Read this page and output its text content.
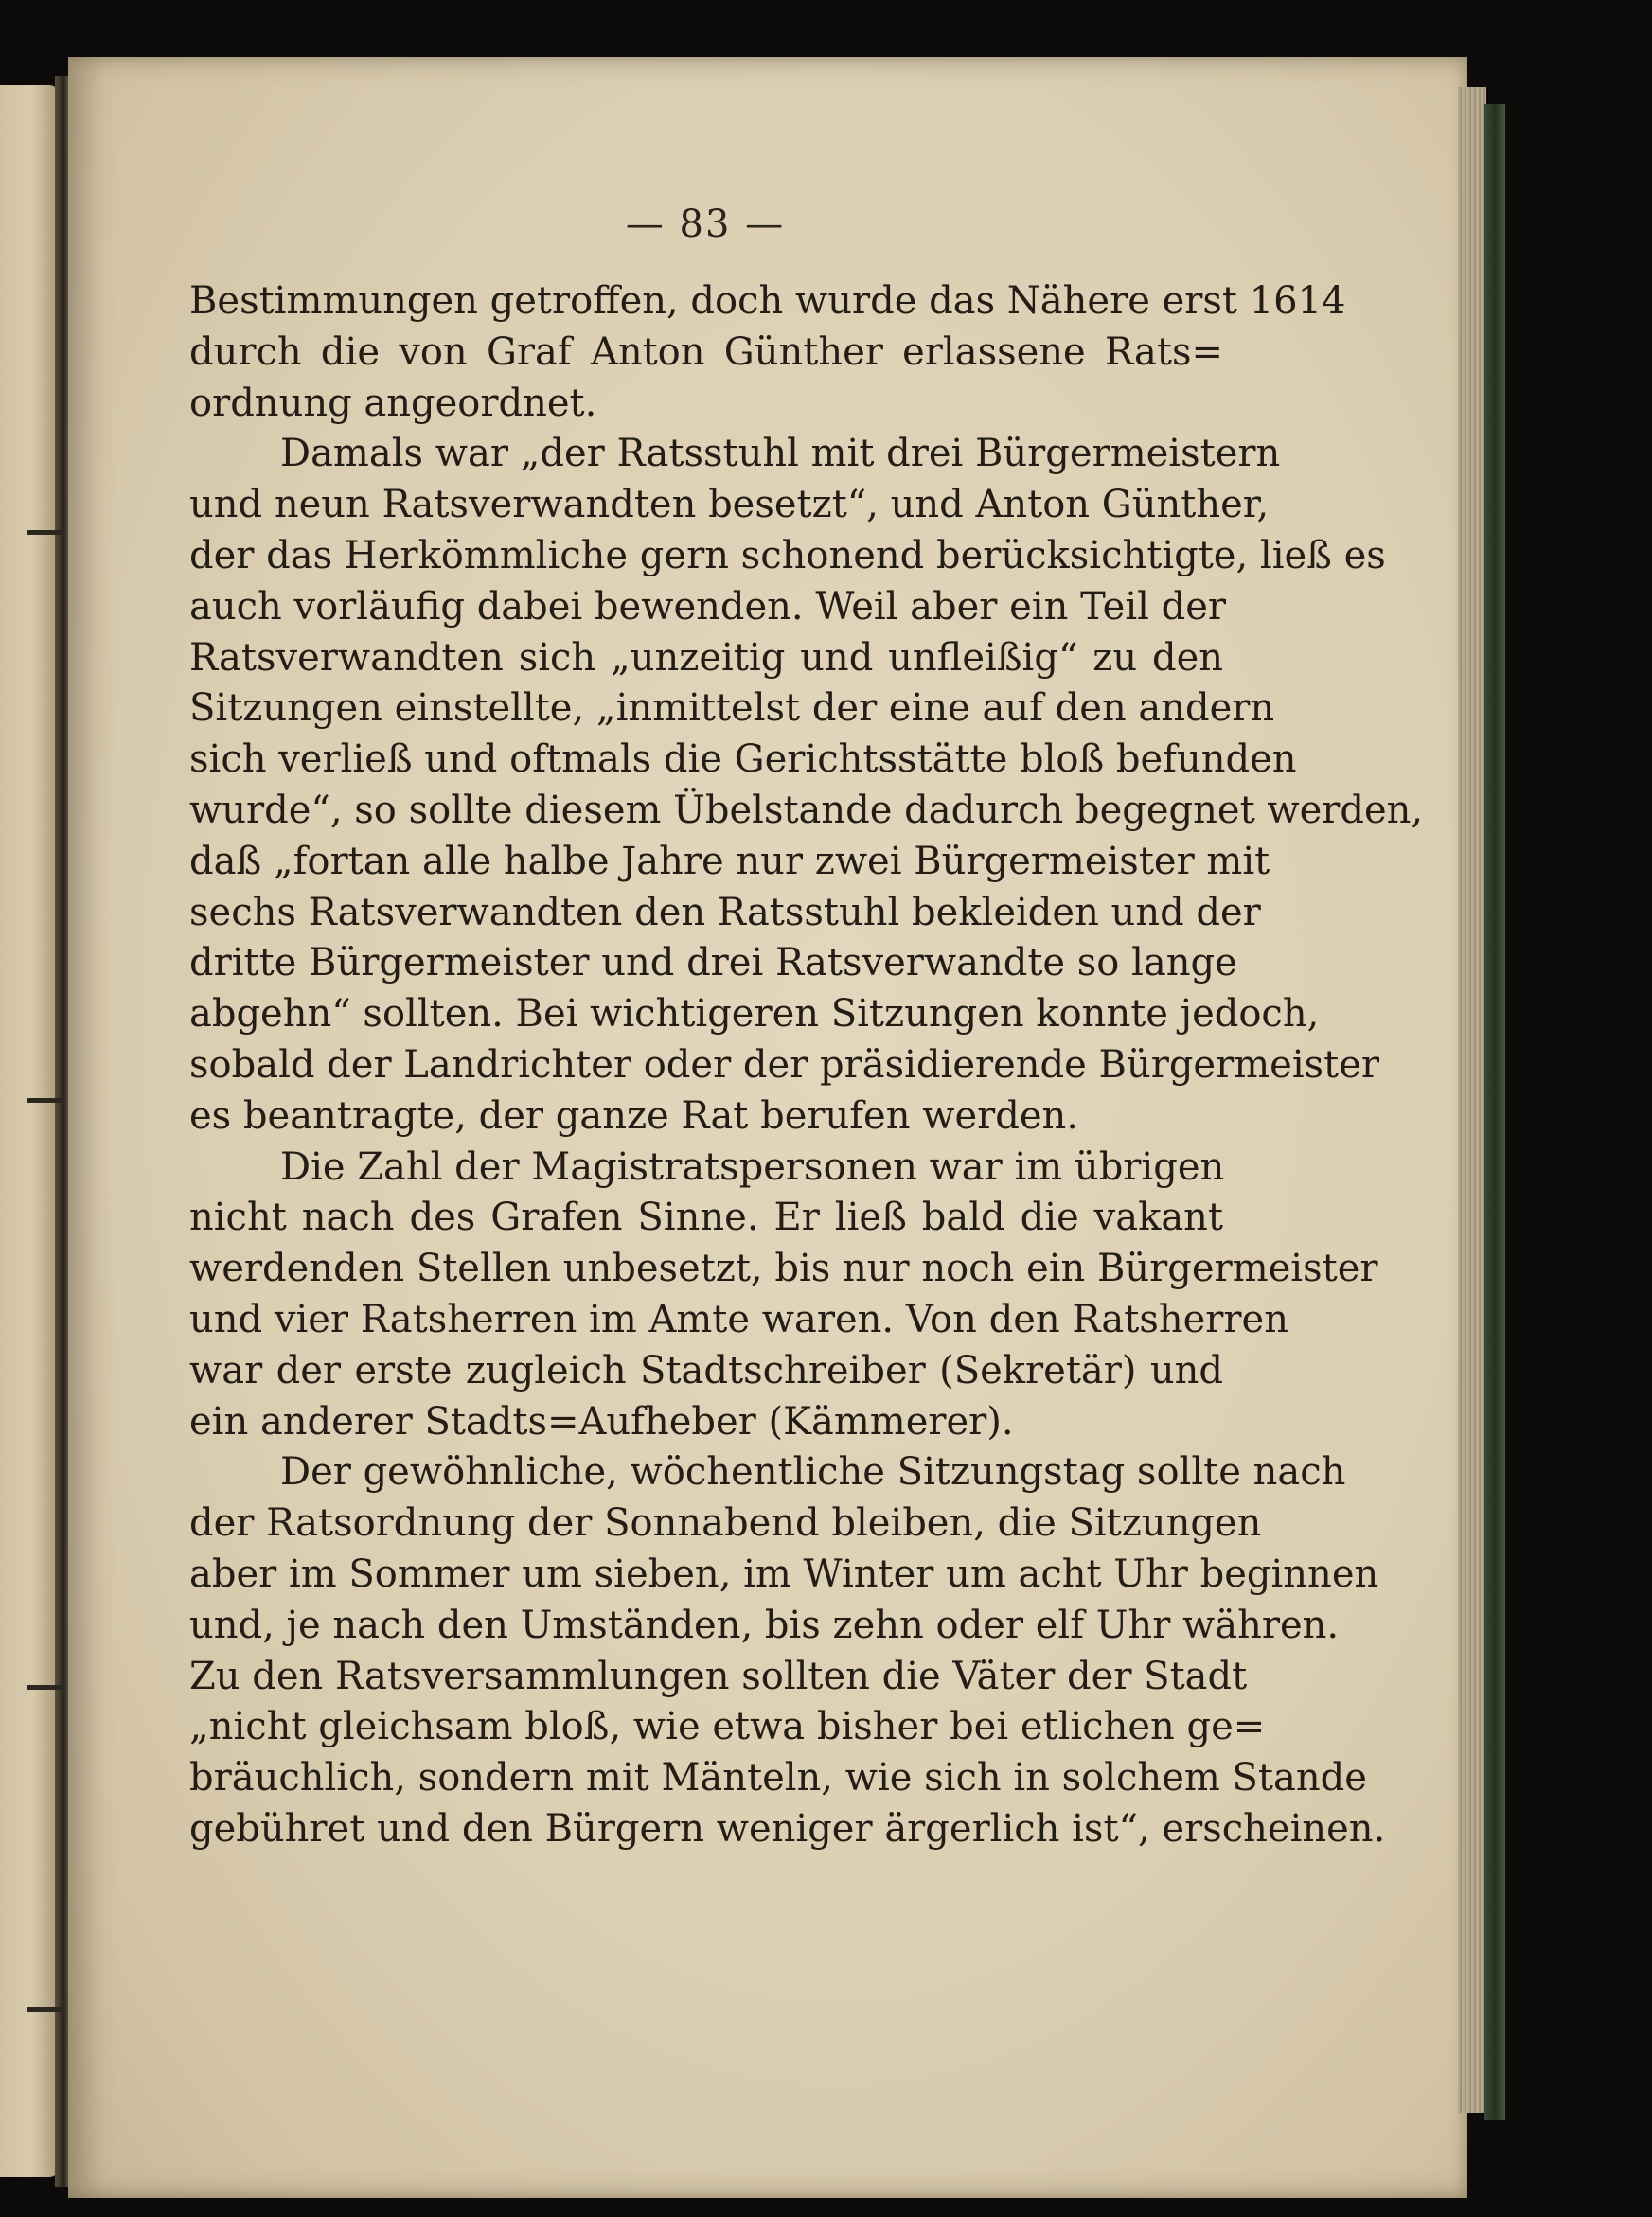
— 83 —
Bestimmungen getroffen, doch wurde das Nähere erst 1614
durch die von Graf Anton Günther erlassene Rats=
ordnung angeordnet.
Damals war „der Ratsstuhl mit drei Bürgermeistern
und neun Ratsverwandten besetzt“, und Anton Günther,
der das Herkömmliche gern schonend berücksichtigte, ließ es
auch vorläufig dabei bewenden. Weil aber ein Teil der
Ratsverwandten sich „unzeitig und unfleißig“ zu den
Sitzungen einstellte, „inmittelst der eine auf den andern
sich verließ und oftmals die Gerichtsstätte bloß befunden
wurde“, so sollte diesem Übelstande dadurch begegnet werden,
daß „fortan alle halbe Jahre nur zwei Bürgermeister mit
sechs Ratsverwandten den Ratsstuhl bekleiden und der
dritte Bürgermeister und drei Ratsverwandte so lange
abgehn“ sollten. Bei wichtigeren Sitzungen konnte jedoch,
sobald der Landrichter oder der präsidierende Bürgermeister
es beantragte, der ganze Rat berufen werden.
Die Zahl der Magistratspersonen war im übrigen
nicht nach des Grafen Sinne. Er ließ bald die vakant
werdenden Stellen unbesetzt, bis nur noch ein Bürgermeister
und vier Ratsherren im Amte waren. Von den Ratsherren
war der erste zugleich Stadtschreiber (Sekretär) und
ein anderer Stadts=Aufheber (Kämmerer).
Der gewöhnliche, wöchentliche Sitzungstag sollte nach
der Ratsordnung der Sonnabend bleiben, die Sitzungen
aber im Sommer um sieben, im Winter um acht Uhr beginnen
und, je nach den Umständen, bis zehn oder elf Uhr währen.
Zu den Ratsversammlungen sollten die Väter der Stadt
„nicht gleichsam bloß, wie etwa bisher bei etlichen ge=
bräuchlich, sondern mit Mänteln, wie sich in solchem Stande
gebühret und den Bürgern weniger ärgerlich ist“, erscheinen.
